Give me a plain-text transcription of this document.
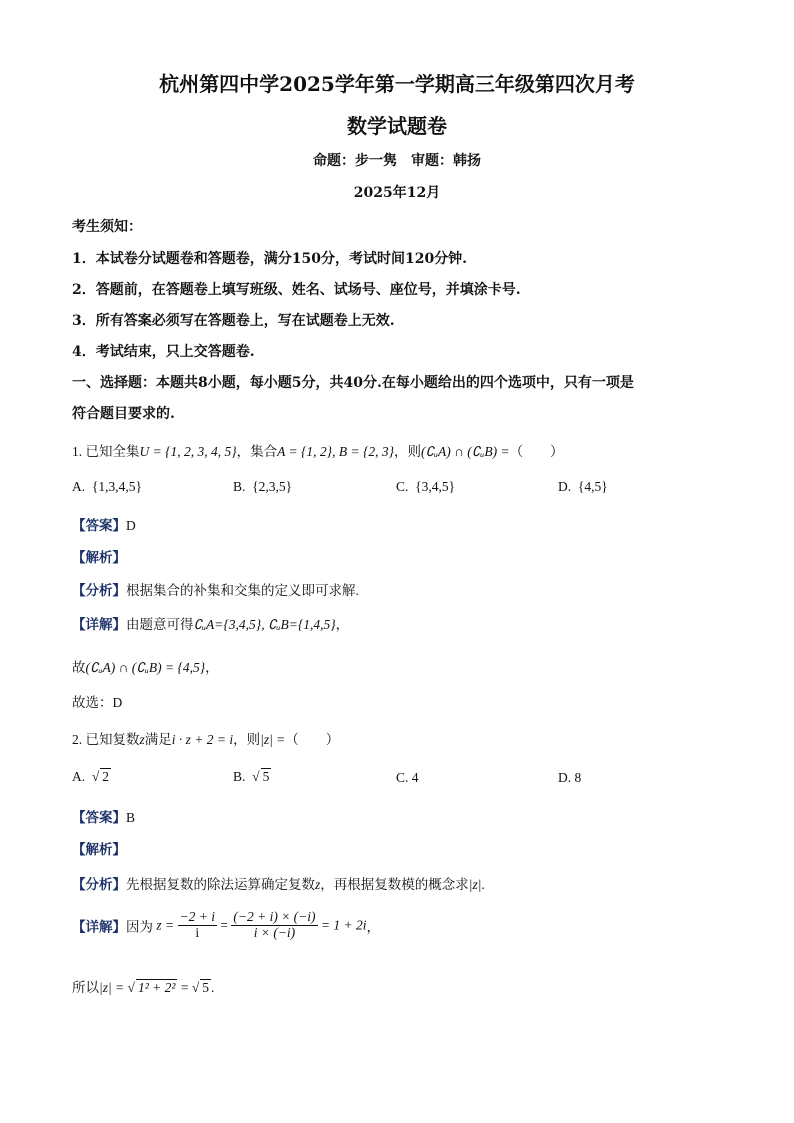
杭州第四中学2025学年第一学期高三年级第四次月考
数学试题卷
命题：步一隽　审题：韩扬
2025年12月
考生须知：
1．本试卷分试题卷和答题卷，满分150分，考试时间120分钟.
2．答题前，在答题卷上填写班级、姓名、试场号、座位号，并填涂卡号.
3．所有答案必须写在答题卷上，写在试题卷上无效.
4．考试结束，只上交答题卷.
一、选择题：本题共8小题，每小题5分，共40分.在每小题给出的四个选项中，只有一项是
符合题目要求的.
1. 已知全集U = {1, 2, 3, 4, 5}，集合A = {1, 2}, B = {2, 3}，则(∁ᵤA) ∩ (∁ᵤB) =（　　）
A. {1,3,4,5}	B. {2,3,5}	C. {3,4,5}	D. {4,5}
【答案】D
【解析】
【分析】根据集合的补集和交集的定义即可求解.
【详解】由题意可得∁ᵤA={3,4,5}, ∁ᵤB={1,4,5}，
故(∁ᵤA) ∩ (∁ᵤB) = {4,5}，
故选：D
2. 已知复数z满足i · z + 2 = i，则|z| =（　　）
A. √ 2	B. √ 5	C. 4	D. 8
【答案】B
【解析】
【分析】先根据复数的除法运算确定复数z，再根据复数模的概念求|z|.
【详解】因为 $z = \frac{-2 + i}{i} = \frac{(-2 + i) \times (-i)}{i \times (-i)} = 1 + 2i$，
所以|z| = √ 1² + 2² = √ 5 .
